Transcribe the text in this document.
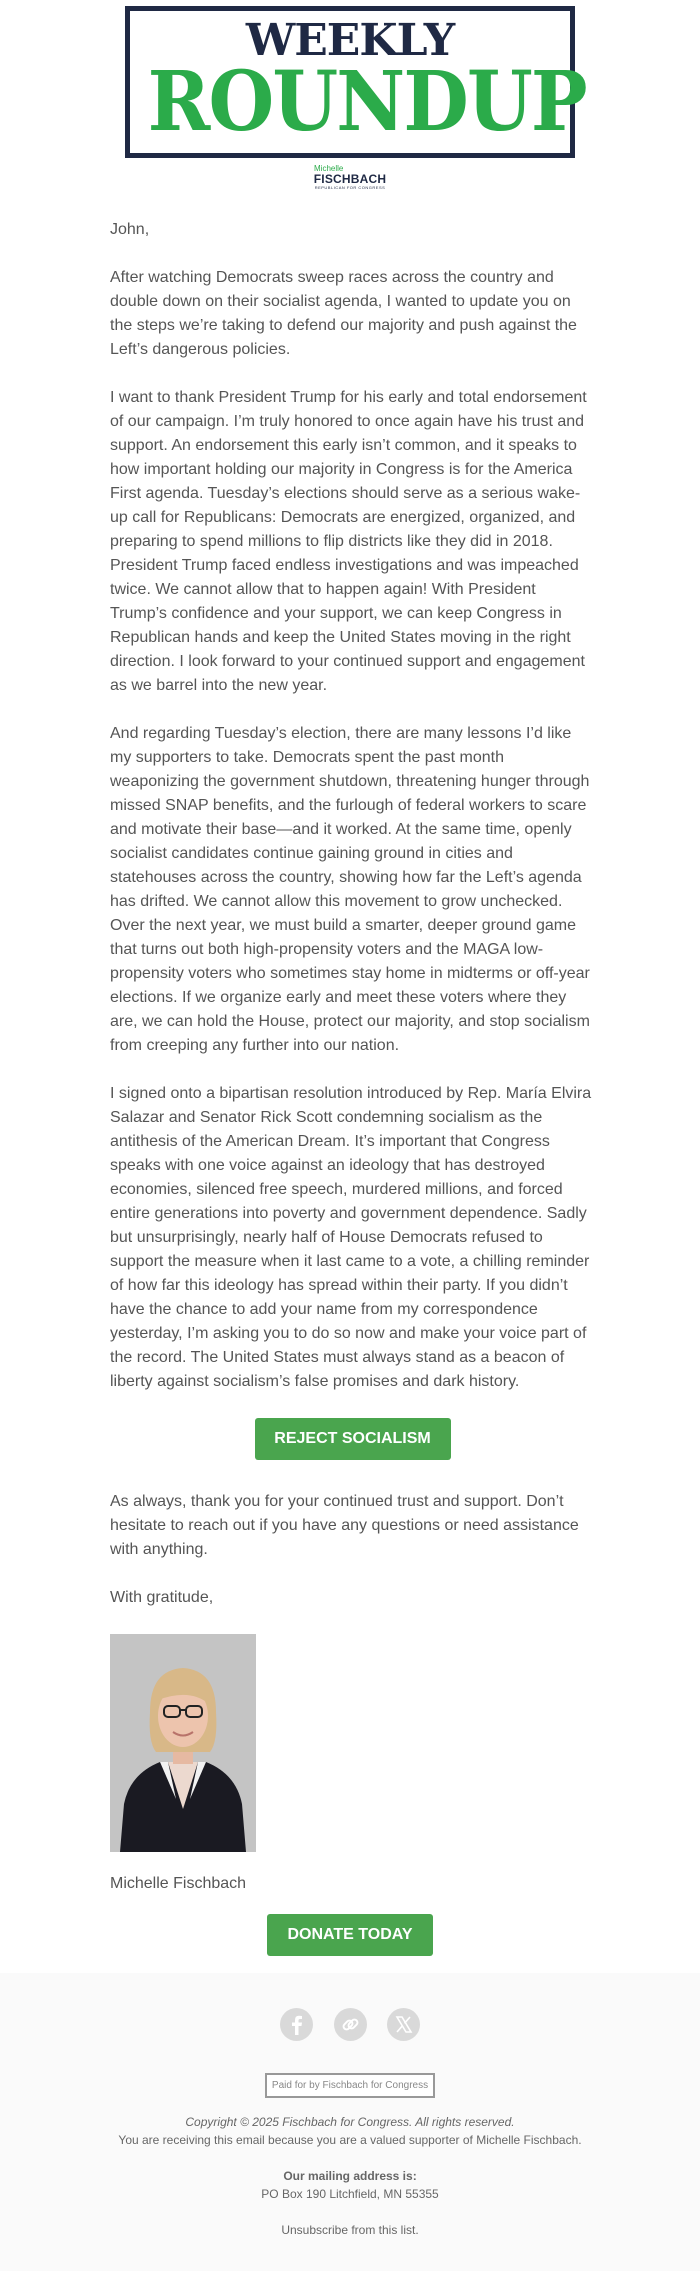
WEEKLY
ROUNDUP
Michelle
FISCHBACH
REPUBLICAN FOR CONGRESS

John,

After watching Democrats sweep races across the country and double down on their socialist agenda, I wanted to update you on the steps we’re taking to defend our majority and push against the Left’s dangerous policies.

I want to thank President Trump for his early and total endorsement of our campaign. I’m truly honored to once again have his trust and support. An endorsement this early isn’t common, and it speaks to how important holding our majority in Congress is for the America First agenda. Tuesday’s elections should serve as a serious wake-up call for Republicans: Democrats are energized, organized, and preparing to spend millions to flip districts like they did in 2018. President Trump faced endless investigations and was impeached twice. We cannot allow that to happen again! With President Trump’s confidence and your support, we can keep Congress in Republican hands and keep the United States moving in the right direction. I look forward to your continued support and engagement as we barrel into the new year.

And regarding Tuesday’s election, there are many lessons I’d like my supporters to take. Democrats spent the past month weaponizing the government shutdown, threatening hunger through missed SNAP benefits, and the furlough of federal workers to scare and motivate their base—and it worked. At the same time, openly socialist candidates continue gaining ground in cities and statehouses across the country, showing how far the Left’s agenda has drifted. We cannot allow this movement to grow unchecked. Over the next year, we must build a smarter, deeper ground game that turns out both high-propensity voters and the MAGA low-propensity voters who sometimes stay home in midterms or off-year elections. If we organize early and meet these voters where they are, we can hold the House, protect our majority, and stop socialism from creeping any further into our nation.

I signed onto a bipartisan resolution introduced by Rep. María Elvira Salazar and Senator Rick Scott condemning socialism as the antithesis of the American Dream. It’s important that Congress speaks with one voice against an ideology that has destroyed economies, silenced free speech, murdered millions, and forced entire generations into poverty and government dependence. Sadly but unsurprisingly, nearly half of House Democrats refused to support the measure when it last came to a vote, a chilling reminder of how far this ideology has spread within their party. If you didn’t have the chance to add your name from my correspondence yesterday, I’m asking you to do so now and make your voice part of the record. The United States must always stand as a beacon of liberty against socialism’s false promises and dark history.

REJECT SOCIALISM

As always, thank you for your continued trust and support. Don’t hesitate to reach out if you have any questions or need assistance with anything.

With gratitude,

Michelle Fischbach

DONATE TODAY

Paid for by Fischbach for Congress
Copyright © 2025 Fischbach for Congress. All rights reserved.
You are receiving this email because you are a valued supporter of Michelle Fischbach.
Our mailing address is:
PO Box 190 Litchfield, MN 55355
Unsubscribe from this list.
